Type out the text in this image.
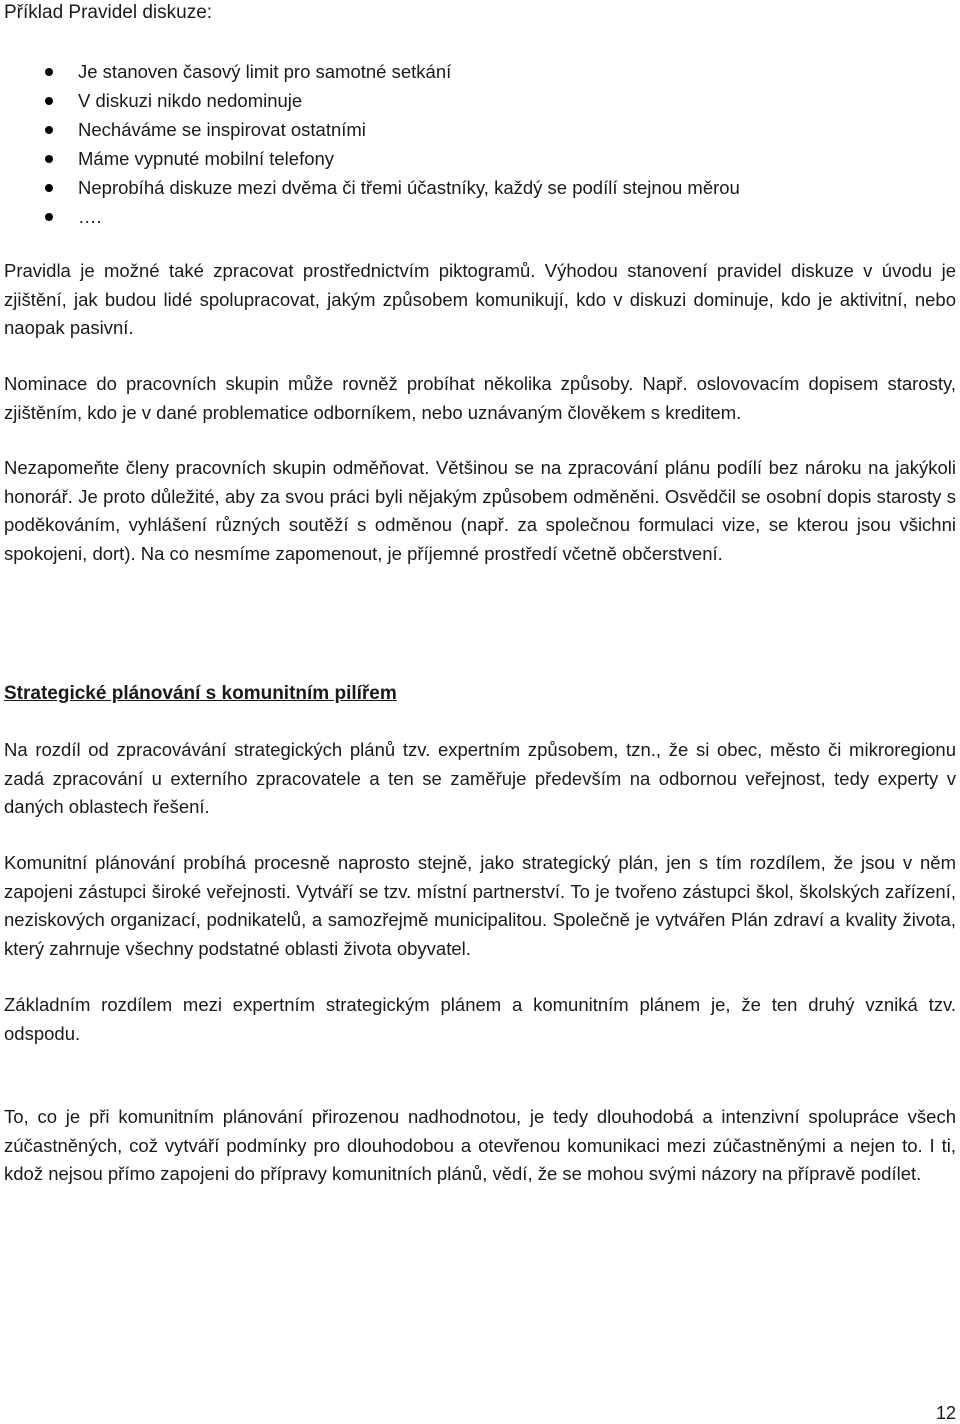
Příklad Pravidel diskuze:
Je stanoven časový limit pro samotné setkání
V diskuzi nikdo nedominuje
Necháváme se inspirovat ostatními
Máme vypnuté mobilní telefony
Neprobíhá diskuze mezi dvěma či třemi účastníky, každý se podílí stejnou měrou
….

Pravidla je možné také zpracovat prostřednictvím piktogramů. Výhodou stanovení pravidel diskuze v úvodu je zjištění, jak budou lidé spolupracovat, jakým způsobem komunikují, kdo v diskuzi dominuje, kdo je aktivitní, nebo naopak pasivní.

Nominace do pracovních skupin může rovněž probíhat několika způsoby. Např. oslovovacím dopisem starosty, zjištěním, kdo je v dané problematice odborníkem, nebo uznávaným člověkem s kreditem.

Nezapomeňte členy pracovních skupin odměňovat. Většinou se na zpracování plánu podílí bez nároku na jakýkoli honorář. Je proto důležité, aby za svou práci byli nějakým způsobem odměněni. Osvědčil se osobní dopis starosty s poděkováním, vyhlášení různých soutěží s odměnou (např. za společnou formulaci vize, se kterou jsou všichni spokojeni, dort). Na co nesmíme zapomenout, je příjemné prostředí včetně občerstvení.

Strategické plánování s komunitním pilířem

Na rozdíl od zpracovávání strategických plánů tzv. expertním způsobem, tzn., že si obec, město či mikroregionu zadá zpracování u externího zpracovatele a ten se zaměřuje především na odbornou veřejnost, tedy experty v daných oblastech řešení.

Komunitní plánování probíhá procesně naprosto stejně, jako strategický plán, jen s tím rozdílem, že jsou v něm zapojeni zástupci široké veřejnosti. Vytváří se tzv. místní partnerství. To je tvořeno zástupci škol, školských zařízení, neziskových organizací, podnikatelů, a samozřejmě municipalitou. Společně je vytvářen Plán zdraví a kvality života, který zahrnuje všechny podstatné oblasti života obyvatel.

Základním rozdílem mezi expertním strategickým plánem a komunitním plánem je, že ten druhý vzniká tzv. odspodu.

To, co je při komunitním plánování přirozenou nadhodnotou, je tedy dlouhodobá a intenzivní spolupráce všech zúčastněných, což vytváří podmínky pro dlouhodobou a otevřenou komunikaci mezi zúčastněnými a nejen to. I ti, kdož nejsou přímo zapojeni do přípravy komunitních plánů, vědí, že se mohou svými názory na přípravě podílet.

12
